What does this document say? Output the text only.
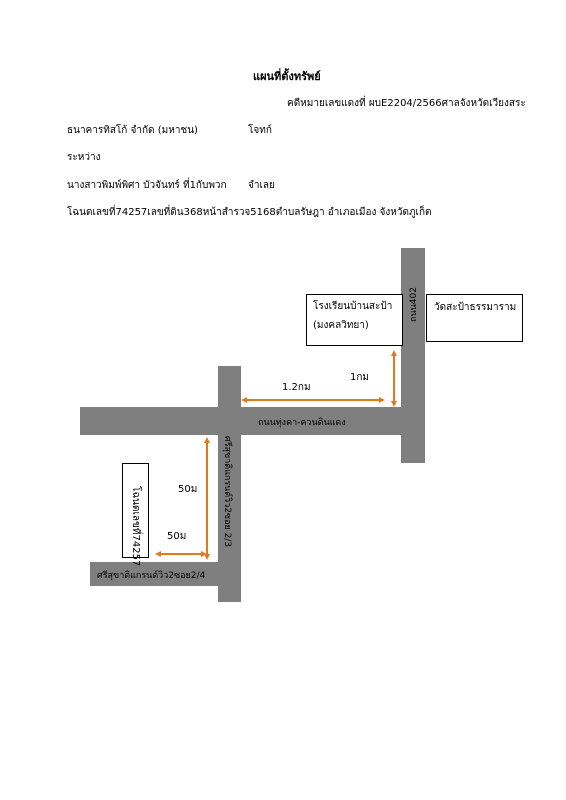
ถนน402
ศรีสุขาติแกรนด์วิว2ซอย 2/3
ถนนทุ่งคา-ควนดินแดง
ศรีสุขาติแกรนด์วิว2ซอย2/4
แผนที่ตั้งทรัพย์
คดีหมายเลขแดงที่ ผบE2204/2566ศาลจังหวัดเวียงสระ
ธนาคารทิสโก้ จำกัด (มหาชน)	โจทก์
ระหว่าง
นางสาวพิมพ์พิศา บัวจันทร์ ที่1กับพวก จำเลย
โฉนดเลขที่74257เลขที่ดิน368หน้าสำรวจ5168ตำบลรัษฎา อำเภอเมือง จังหวัดภูเก็ต
โรงเรียนบ้านสะป้า
(มงคลวิทยา)
วัดสะป้าธรรมาราม
โฉนดเลขที่74257
1.2กม
1กม
50ม
50ม
